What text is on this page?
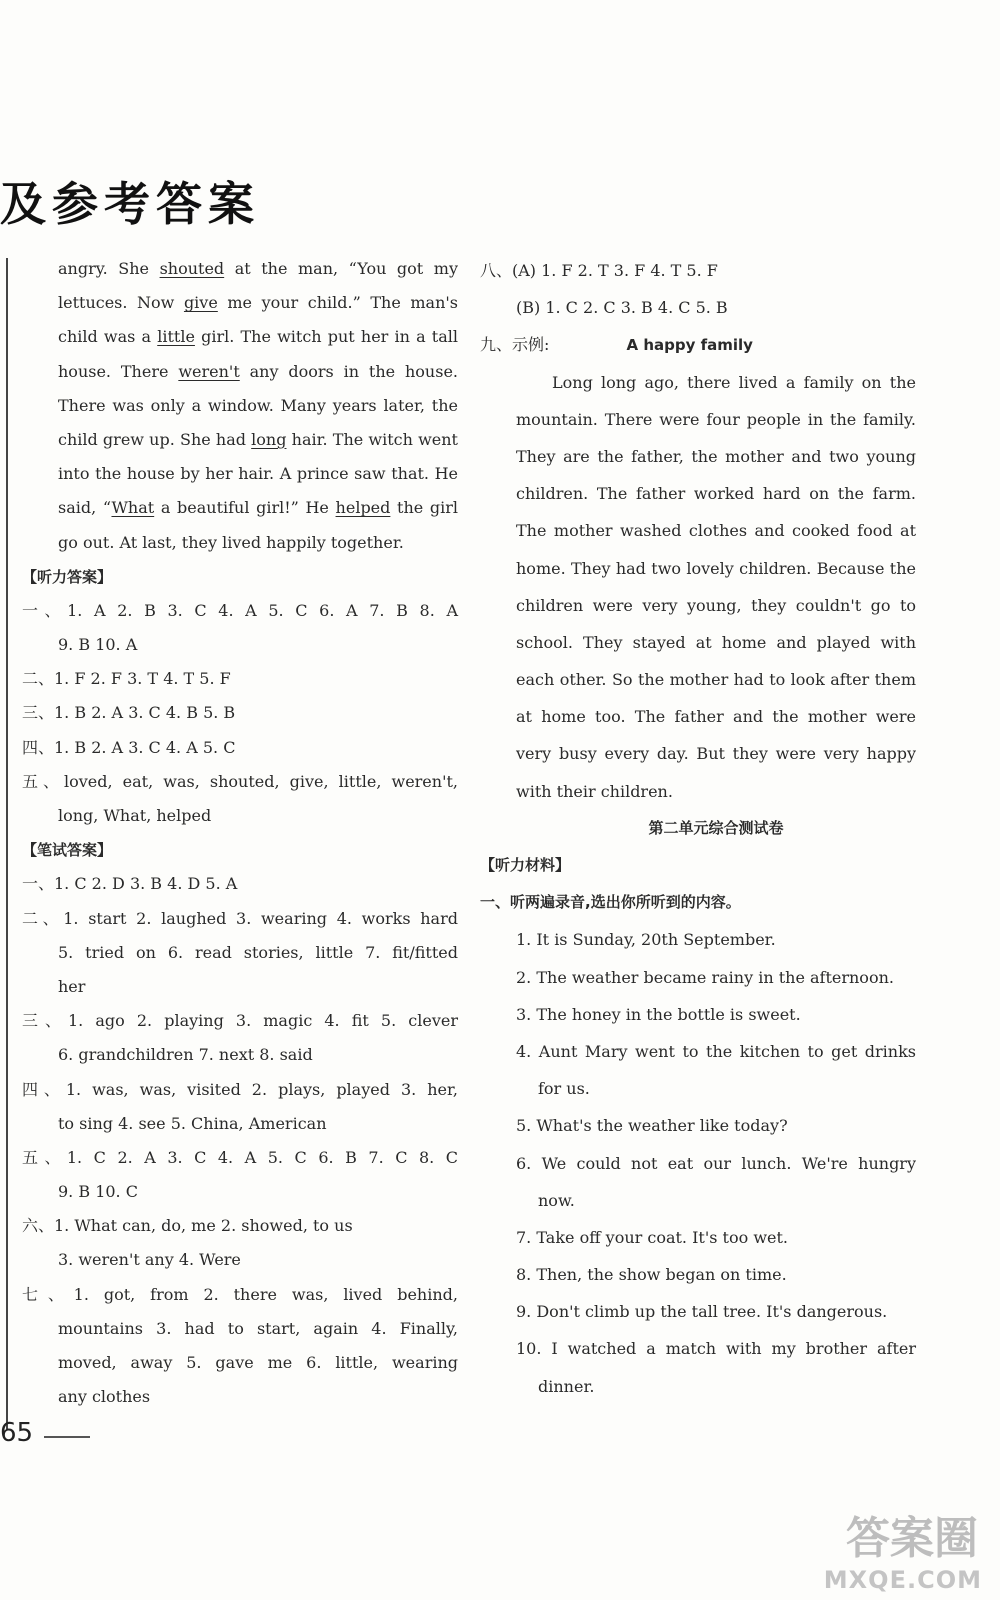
及参考答案
angry. She shouted at the man, “You got my
lettuces. Now give me your child.” The man's
child was a little girl. The witch put her in a tall
house. There weren't any doors in the house.
There was only a window. Many years later, the
child grew up. She had long hair. The witch went
into the house by her hair. A prince saw that. He
said, “What a beautiful girl!” He helped the girl
go out. At last, they lived happily together.
【听力答案】
一、1. A 2. B 3. C 4. A 5. C 6. A 7. B 8. A
9. B 10. A
二、1. F 2. F 3. T 4. T 5. F
三、1. B 2. A 3. C 4. B 5. B
四、1. B 2. A 3. C 4. A 5. C
五、loved, eat, was, shouted, give, little, weren't,
long, What, helped
【笔试答案】
一、1. C 2. D 3. B 4. D 5. A
二、1. start 2. laughed 3. wearing 4. works hard
5. tried on 6. read stories, little 7. fit/fitted
her
三、1. ago 2. playing 3. magic 4. fit 5. clever
6. grandchildren 7. next 8. said
四、1. was, was, visited 2. plays, played 3. her,
to sing 4. see 5. China, American
五、1. C 2. A 3. C 4. A 5. C 6. B 7. C 8. C
9. B 10. C
六、1. What can, do, me 2. showed, to us
3. weren't any 4. Were
七、1. got, from 2. there was, lived behind,
mountains 3. had to start, again 4. Finally,
moved, away 5. gave me 6. little, wearing
any clothes
八、(A) 1. F 2. T 3. F 4. T 5. F
(B) 1. C 2. C 3. B 4. C 5. B
九、示例:	A happy family
Long long ago, there lived a family on the
mountain. There were four people in the family.
They are the father, the mother and two young
children. The father worked hard on the farm.
The mother washed clothes and cooked food at
home. They had two lovely children. Because the
children were very young, they couldn't go to
school. They stayed at home and played with
each other. So the mother had to look after them
at home too. The father and the mother were
very busy every day. But they were very happy
with their children.
第二单元综合测试卷
【听力材料】
一、听两遍录音,选出你所听到的内容。
1. It is Sunday, 20th September.
2. The weather became rainy in the afternoon.
3. The honey in the bottle is sweet.
4. Aunt Mary went to the kitchen to get drinks
for us.
5. What's the weather like today?
6. We could not eat our lunch. We're hungry
now.
7. Take off your coat. It's too wet.
8. Then, the show began on time.
9. Don't climb up the tall tree. It's dangerous.
10. I watched a match with my brother after
dinner.
65
答案圈
MXQE.COM
